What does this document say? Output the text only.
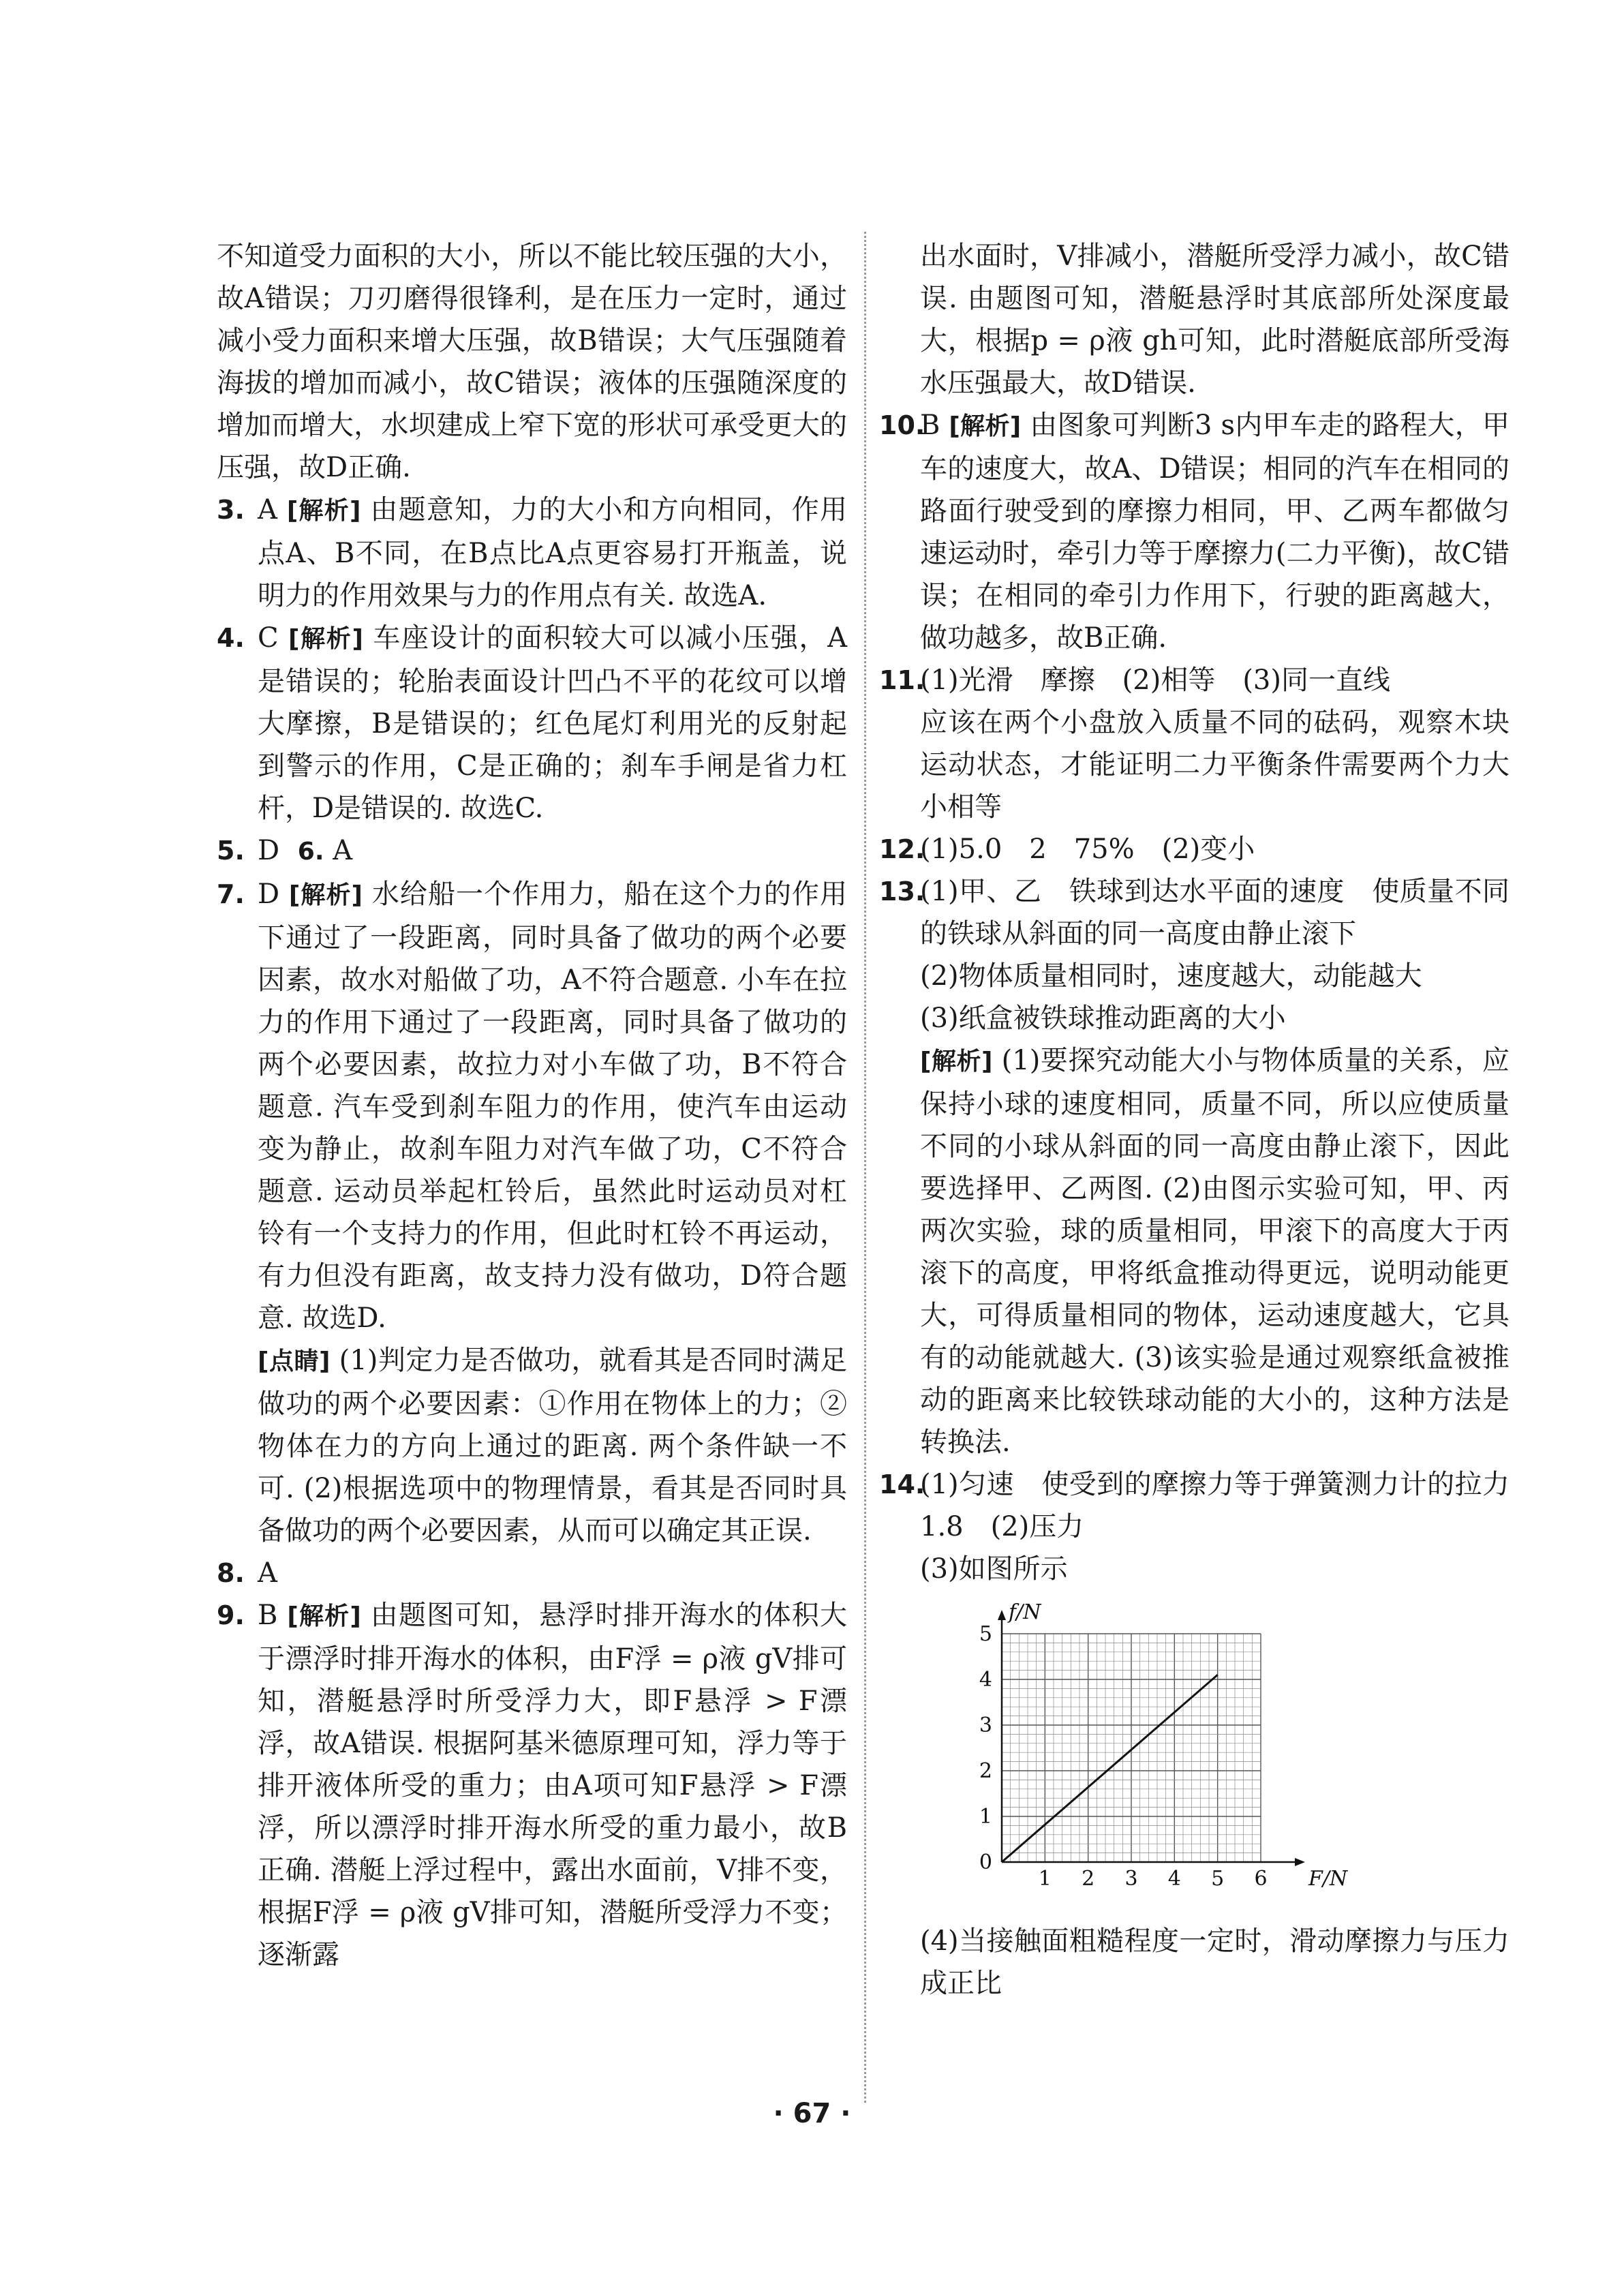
不知道受力面积的大小，所以不能比较压强的大小，故A错误；刀刃磨得很锋利，是在压力一定时，通过减小受力面积来增大压强，故B错误；大气压强随着海拔的增加而减小，故C错误；液体的压强随深度的增加而增大，水坝建成上窄下宽的形状可承受更大的压强，故D正确.

3. A [解析] 由题意知，力的大小和方向相同，作用点A、B不同，在B点比A点更容易打开瓶盖，说明力的作用效果与力的作用点有关. 故选A.

4. C [解析] 车座设计的面积较大可以减小压强，A是错误的；轮胎表面设计凹凸不平的花纹可以增大摩擦，B是错误的；红色尾灯利用光的反射起到警示的作用，C是正确的；刹车手闸是省力杠杆，D是错误的. 故选C.

5. D 6. A

7. D [解析] 水给船一个作用力，船在这个力的作用下通过了一段距离，同时具备了做功的两个必要因素，故水对船做了功，A不符合题意. 小车在拉力的作用下通过了一段距离，同时具备了做功的两个必要因素，故拉力对小车做了功，B不符合题意. 汽车受到刹车阻力的作用，使汽车由运动变为静止，故刹车阻力对汽车做了功，C不符合题意. 运动员举起杠铃后，虽然此时运动员对杠铃有一个支持力的作用，但此时杠铃不再运动，有力但没有距离，故支持力没有做功，D符合题意. 故选D.

[点睛] (1)判定力是否做功，就看其是否同时满足做功的两个必要因素：①作用在物体上的力；②物体在力的方向上通过的距离. 两个条件缺一不可. (2)根据选项中的物理情景，看其是否同时具备做功的两个必要因素，从而可以确定其正误.

8. A

9. B [解析] 由题图可知，悬浮时排开海水的体积大于漂浮时排开海水的体积，由F浮 = ρ液 gV排可知，潜艇悬浮时所受浮力大，即F悬浮 > F漂浮，故A错误. 根据阿基米德原理可知，浮力等于排开液体所受的重力；由A项可知F悬浮 > F漂浮，所以漂浮时排开海水所受的重力最小，故B正确. 潜艇上浮过程中，露出水面前，V排不变，根据F浮 = ρ液 gV排可知，潜艇所受浮力不变；逐渐露

出水面时，V排减小，潜艇所受浮力减小，故C错误. 由题图可知，潜艇悬浮时其底部所处深度最大，根据p = ρ液 gh可知，此时潜艇底部所受海水压强最大，故D错误.

10.
B [解析] 由图象可判断3 s内甲车走的路程大，甲车的速度大，故A、D错误；相同的汽车在相同的路面行驶受到的摩擦力相同，甲、乙两车都做匀速运动时，牵引力等于摩擦力(二力平衡)，故C错误；在相同的牵引力作用下，行驶的距离越大，做功越多，故B正确.

11.
(1)光滑　摩擦　(2)相等　(3)同一直线

应该在两个小盘放入质量不同的砝码，观察木块运动状态，才能证明二力平衡条件需要两个力大小相等

12.
(1)5.0　2　75%　(2)变小

13.
(1)甲、乙　铁球到达水平面的速度　使质量不同的铁球从斜面的同一高度由静止滚下

(2)物体质量相同时，速度越大，动能越大

(3)纸盒被铁球推动距离的大小

[解析] (1)要探究动能大小与物体质量的关系，应保持小球的速度相同，质量不同，所以应使质量不同的小球从斜面的同一高度由静止滚下，因此要选择甲、乙两图. (2)由图示实验可知，甲、丙两次实验，球的质量相同，甲滚下的高度大于丙滚下的高度，甲将纸盒推动得更远，说明动能更大，可得质量相同的物体，运动速度越大，它具有的动能就越大. (3)该实验是通过观察纸盒被推动的距离来比较铁球动能的大小的，这种方法是转换法.

14.
(1)匀速　使受到的摩擦力等于弹簧测力计的拉力　1.8　(2)压力

(3)如图所示

1 2 3 4 5 6
0
1
2
3
4
5
F/N
f/N

(4)当接触面粗糙程度一定时，滑动摩擦力与压力成正比

· 67 ·
